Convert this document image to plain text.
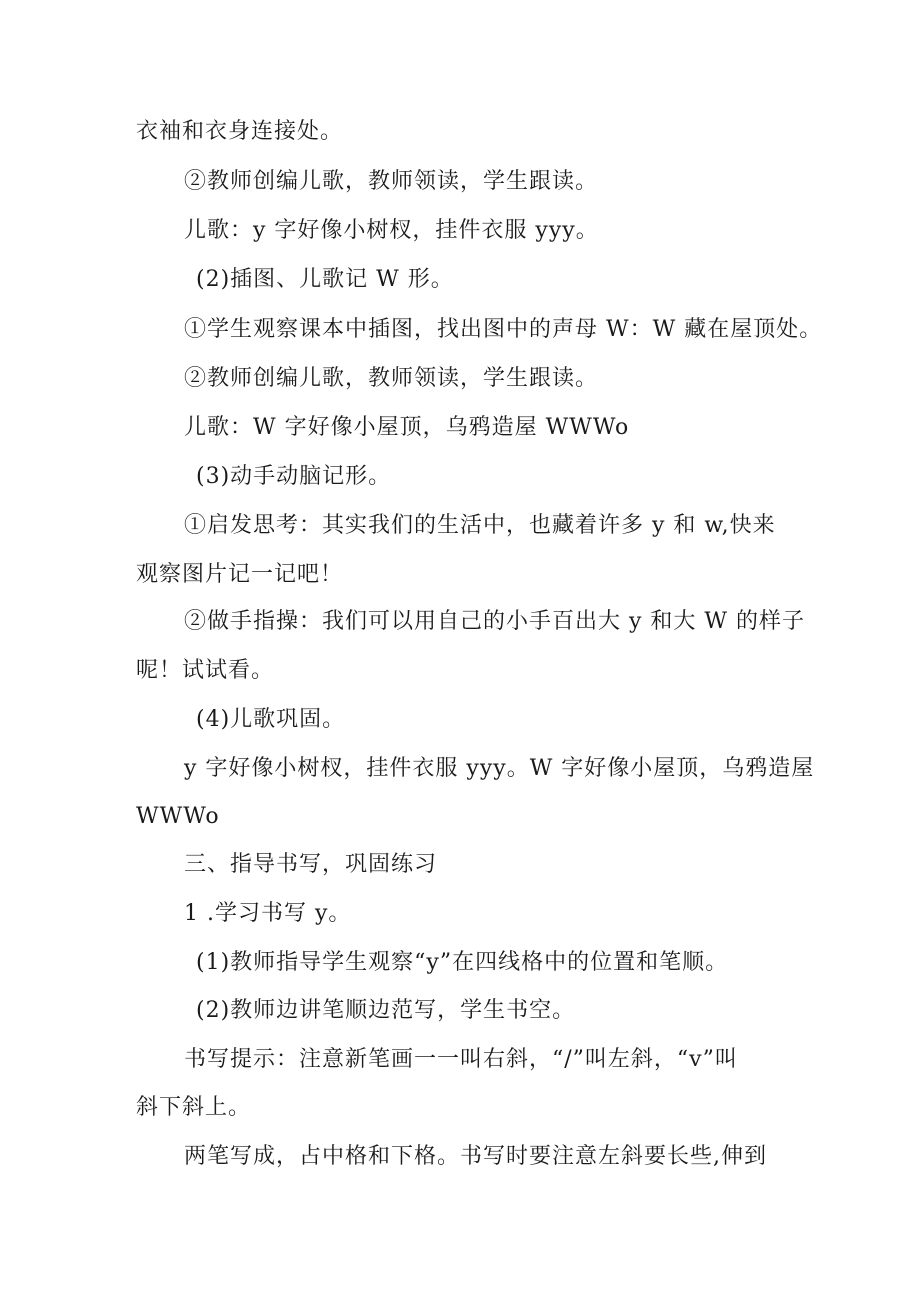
衣袖和衣身连接处。
②教师创编儿歌，教师领读，学生跟读。
儿歌：y 字好像小树杈，挂件衣服 yyy。
(2)插图、儿歌记 W 形。
①学生观察课本中插图，找出图中的声母 W：W 藏在屋顶处。
②教师创编儿歌，教师领读，学生跟读。
儿歌：W 字好像小屋顶，乌鸦造屋 WWWo
(3)动手动脑记形。
①启发思考：其实我们的生活中，也藏着许多 y 和 w,快来
观察图片记一记吧！
②做手指操：我们可以用自己的小手百出大 y 和大 W 的样子
呢！试试看。
(4)儿歌巩固。
y 字好像小树杈，挂件衣服 yyy。W 字好像小屋顶，乌鸦造屋
WWWo
三、指导书写，巩固练习
1 .学习书写 y。
(1)教师指导学生观察“y”在四线格中的位置和笔顺。
(2)教师边讲笔顺边范写，学生书空。
书写提示：注意新笔画一一叫右斜，“/”叫左斜，“v”叫
斜下斜上。
两笔写成，占中格和下格。书写时要注意左斜要长些,伸到
